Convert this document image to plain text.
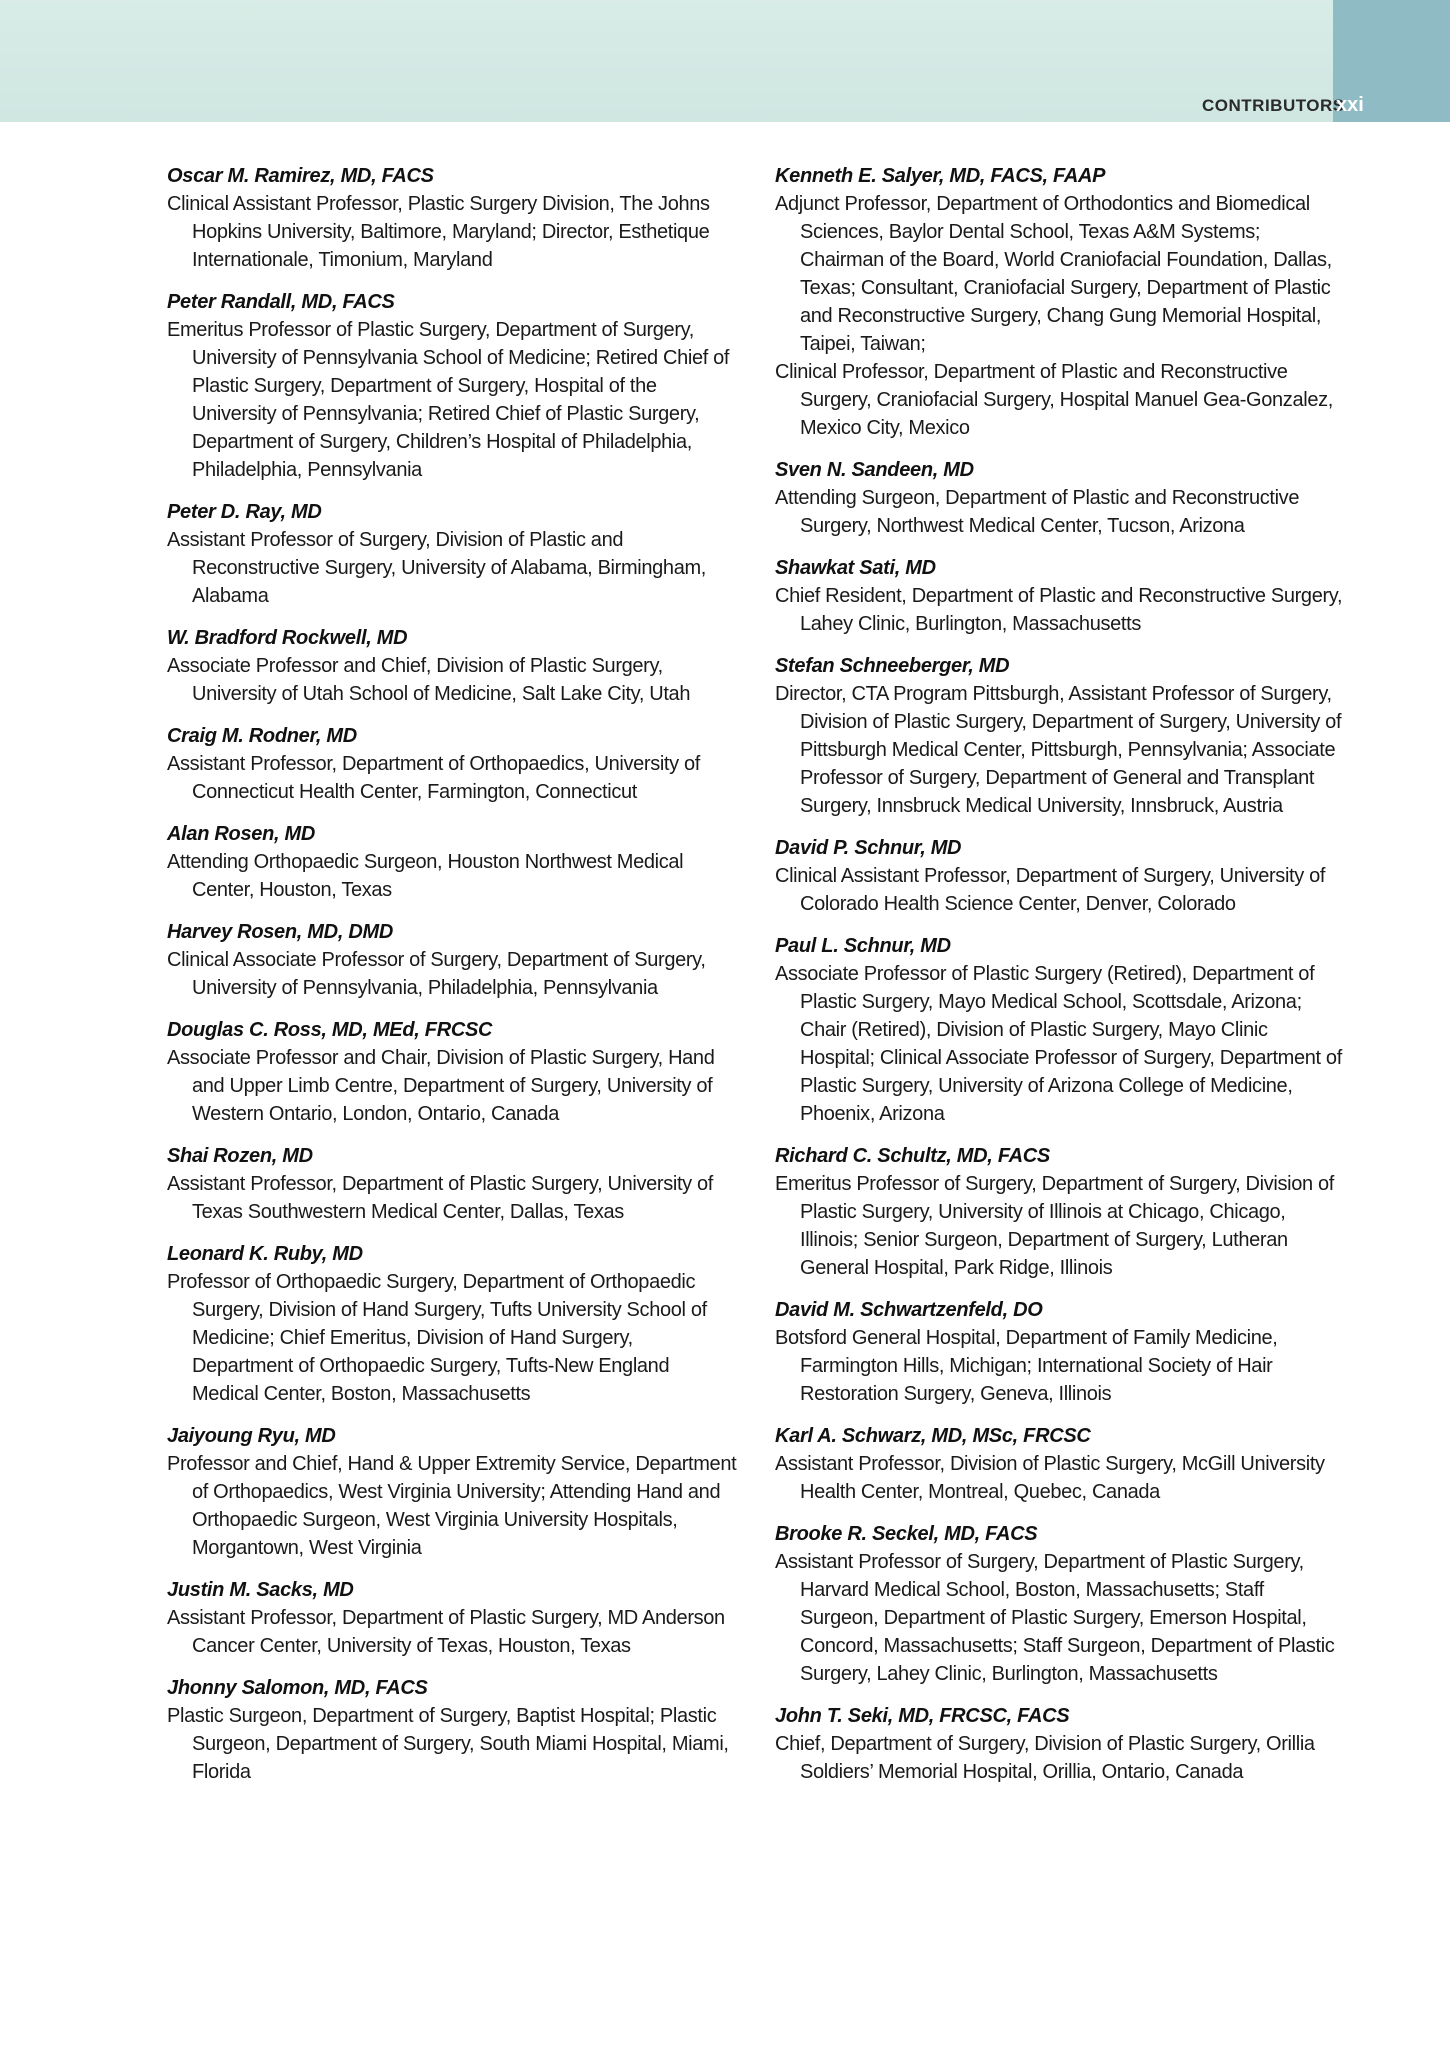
CONTRIBUTORS
xxi
Oscar M. Ramirez, MD, FACS
Clinical Assistant Professor, Plastic Surgery Division, The Johns Hopkins University, Baltimore, Maryland; Director, Esthetique Internationale, Timonium, Maryland
Peter Randall, MD, FACS
Emeritus Professor of Plastic Surgery, Department of Surgery, University of Pennsylvania School of Medicine; Retired Chief of Plastic Surgery, Department of Surgery, Hospital of the University of Pennsylvania; Retired Chief of Plastic Surgery, Department of Surgery, Children’s Hospital of Philadelphia, Philadelphia, Pennsylvania
Peter D. Ray, MD
Assistant Professor of Surgery, Division of Plastic and Reconstructive Surgery, University of Alabama, Birmingham, Alabama
W. Bradford Rockwell, MD
Associate Professor and Chief, Division of Plastic Surgery, University of Utah School of Medicine, Salt Lake City, Utah
Craig M. Rodner, MD
Assistant Professor, Department of Orthopaedics, University of Connecticut Health Center, Farmington, Connecticut
Alan Rosen, MD
Attending Orthopaedic Surgeon, Houston Northwest Medical Center, Houston, Texas
Harvey Rosen, MD, DMD
Clinical Associate Professor of Surgery, Department of Surgery, University of Pennsylvania, Philadelphia, Pennsylvania
Douglas C. Ross, MD, MEd, FRCSC
Associate Professor and Chair, Division of Plastic Surgery, Hand and Upper Limb Centre, Department of Surgery, University of Western Ontario, London, Ontario, Canada
Shai Rozen, MD
Assistant Professor, Department of Plastic Surgery, University of Texas Southwestern Medical Center, Dallas, Texas
Leonard K. Ruby, MD
Professor of Orthopaedic Surgery, Department of Orthopaedic Surgery, Division of Hand Surgery, Tufts University School of Medicine; Chief Emeritus, Division of Hand Surgery, Department of Orthopaedic Surgery, Tufts-New England Medical Center, Boston, Massachusetts
Jaiyoung Ryu, MD
Professor and Chief, Hand & Upper Extremity Service, Department of Orthopaedics, West Virginia University; Attending Hand and Orthopaedic Surgeon, West Virginia University Hospitals, Morgantown, West Virginia
Justin M. Sacks, MD
Assistant Professor, Department of Plastic Surgery, MD Anderson Cancer Center, University of Texas, Houston, Texas
Jhonny Salomon, MD, FACS
Plastic Surgeon, Department of Surgery, Baptist Hospital; Plastic Surgeon, Department of Surgery, South Miami Hospital, Miami, Florida
Kenneth E. Salyer, MD, FACS, FAAP
Adjunct Professor, Department of Orthodontics and Biomedical Sciences, Baylor Dental School, Texas A&M Systems; Chairman of the Board, World Craniofacial Foundation, Dallas, Texas; Consultant, Craniofacial Surgery, Department of Plastic and Reconstructive Surgery, Chang Gung Memorial Hospital, Taipei, Taiwan;
Clinical Professor, Department of Plastic and Reconstructive Surgery, Craniofacial Surgery, Hospital Manuel Gea-Gonzalez, Mexico City, Mexico
Sven N. Sandeen, MD
Attending Surgeon, Department of Plastic and Reconstructive Surgery, Northwest Medical Center, Tucson, Arizona
Shawkat Sati, MD
Chief Resident, Department of Plastic and Reconstructive Surgery, Lahey Clinic, Burlington, Massachusetts
Stefan Schneeberger, MD
Director, CTA Program Pittsburgh, Assistant Professor of Surgery, Division of Plastic Surgery, Department of Surgery, University of Pittsburgh Medical Center, Pittsburgh, Pennsylvania; Associate Professor of Surgery, Department of General and Transplant Surgery, Innsbruck Medical University, Innsbruck, Austria
David P. Schnur, MD
Clinical Assistant Professor, Department of Surgery, University of Colorado Health Science Center, Denver, Colorado
Paul L. Schnur, MD
Associate Professor of Plastic Surgery (Retired), Department of Plastic Surgery, Mayo Medical School, Scottsdale, Arizona; Chair (Retired), Division of Plastic Surgery, Mayo Clinic Hospital; Clinical Associate Professor of Surgery, Department of Plastic Surgery, University of Arizona College of Medicine, Phoenix, Arizona
Richard C. Schultz, MD, FACS
Emeritus Professor of Surgery, Department of Surgery, Division of Plastic Surgery, University of Illinois at Chicago, Chicago, Illinois; Senior Surgeon, Department of Surgery, Lutheran General Hospital, Park Ridge, Illinois
David M. Schwartzenfeld, DO
Botsford General Hospital, Department of Family Medicine, Farmington Hills, Michigan; International Society of Hair Restoration Surgery, Geneva, Illinois
Karl A. Schwarz, MD, MSc, FRCSC
Assistant Professor, Division of Plastic Surgery, McGill University Health Center, Montreal, Quebec, Canada
Brooke R. Seckel, MD, FACS
Assistant Professor of Surgery, Department of Plastic Surgery, Harvard Medical School, Boston, Massachusetts; Staff Surgeon, Department of Plastic Surgery, Emerson Hospital, Concord, Massachusetts; Staff Surgeon, Department of Plastic Surgery, Lahey Clinic, Burlington, Massachusetts
John T. Seki, MD, FRCSC, FACS
Chief, Department of Surgery, Division of Plastic Surgery, Orillia Soldiers’ Memorial Hospital, Orillia, Ontario, Canada
